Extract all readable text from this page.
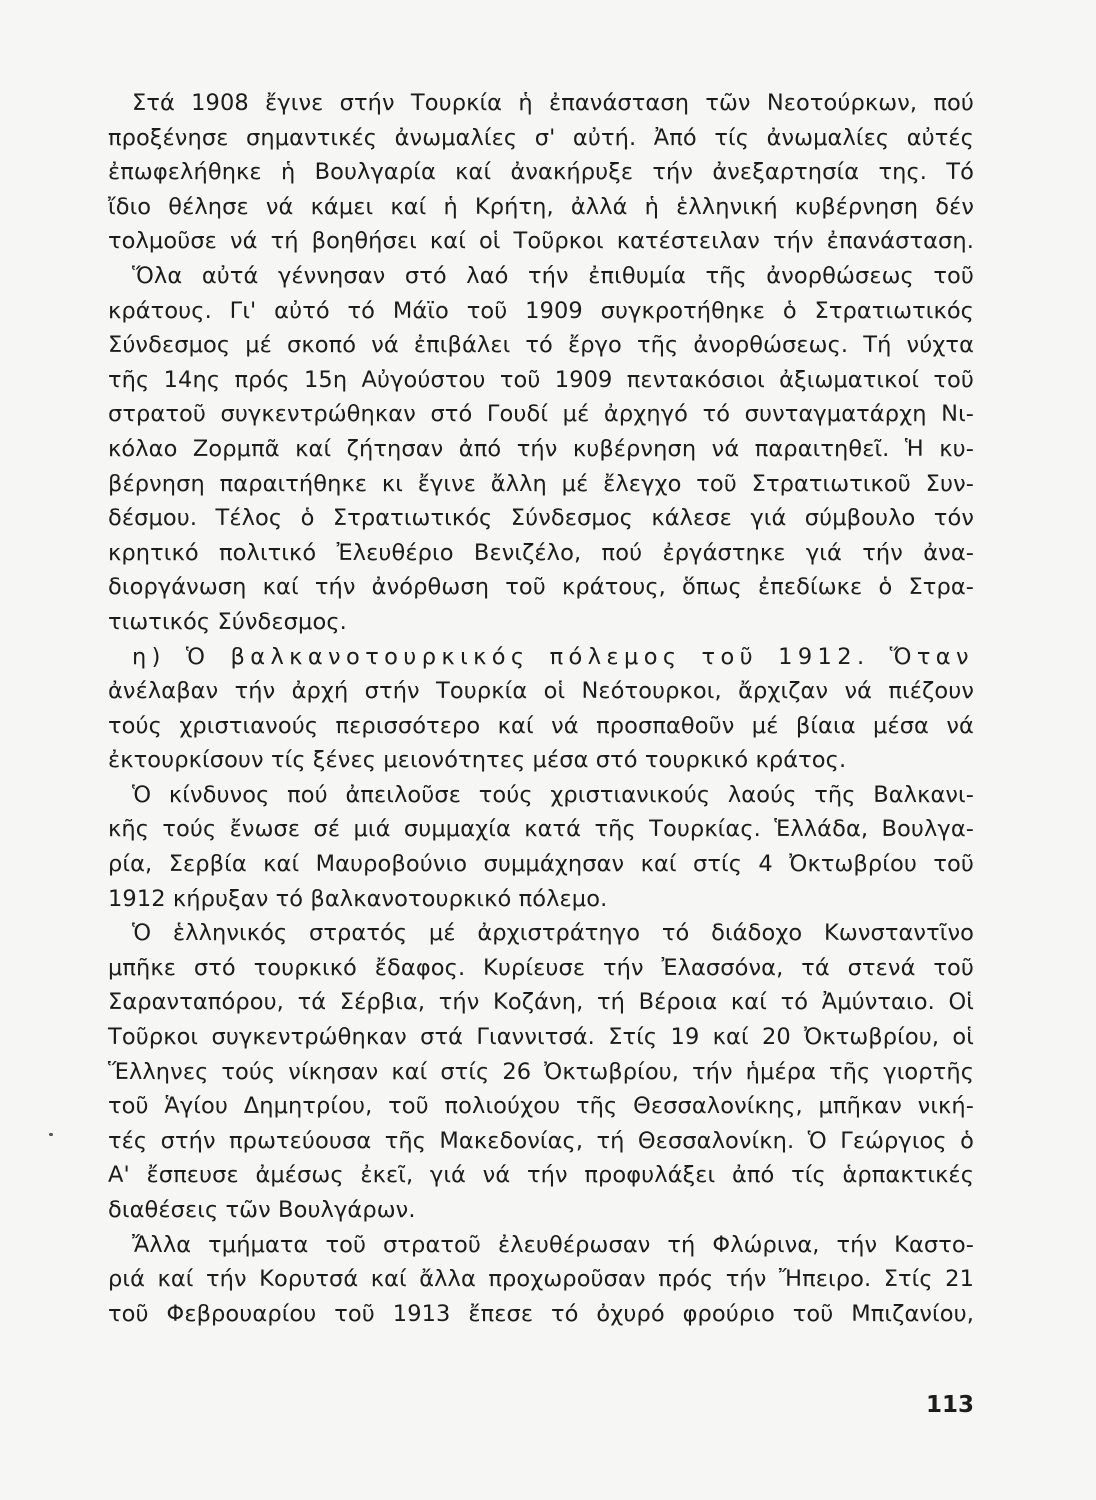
Στά 1908 ἔγινε στήν Τουρκία ἡ ἐπανάσταση τῶν Νεοτούρκων, πού
προξένησε σημαντικές ἀνωμαλίες σ' αὐτή. Ἀπό τίς ἀνωμαλίες αὐτές
ἐπωφελήθηκε ἡ Βουλγαρία καί ἀνακήρυξε τήν ἀνεξαρτησία της. Τό
ἴδιο θέλησε νά κάμει καί ἡ Κρήτη, ἀλλά ἡ ἑλληνική κυβέρνηση δέν
τολμοῦσε νά τή βοηθήσει καί οἱ Τοῦρκοι κατέστειλαν τήν ἐπανάσταση.
Ὅλα αὐτά γέννησαν στό λαό τήν ἐπιθυμία τῆς ἀνορθώσεως τοῦ
κράτους. Γι' αὐτό τό Μάϊο τοῦ 1909 συγκροτήθηκε ὁ Στρατιωτικός
Σύνδεσμος μέ σκοπό νά ἐπιβάλει τό ἔργο τῆς ἀνορθώσεως. Τή νύχτα
τῆς 14ης πρός 15η Αὐγούστου τοῦ 1909 πεντακόσιοι ἀξιωματικοί τοῦ
στρατοῦ συγκεντρώθηκαν στό Γουδί μέ ἀρχηγό τό συνταγματάρχη Νι-
κόλαο Ζορμπᾶ καί ζήτησαν ἀπό τήν κυβέρνηση νά παραιτηθεῖ. Ἡ κυ-
βέρνηση παραιτήθηκε κι ἔγινε ἄλλη μέ ἔλεγχο τοῦ Στρατιωτικοῦ Συν-
δέσμου. Τέλος ὁ Στρατιωτικός Σύνδεσμος κάλεσε γιά σύμβουλο τόν
κρητικό πολιτικό Ἐλευθέριο Βενιζέλο, πού ἐργάστηκε γιά τήν ἀνα-
διοργάνωση καί τήν ἀνόρθωση τοῦ κράτους, ὅπως ἐπεδίωκε ὁ Στρα-
τιωτικός Σύνδεσμος.
η) Ὁ βαλκανοτουρκικός πόλεμος τοῦ 1912. Ὅταν
ἀνέλαβαν τήν ἀρχή στήν Τουρκία οἱ Νεότουρκοι, ἄρχιζαν νά πιέζουν
τούς χριστιανούς περισσότερο καί νά προσπαθοῦν μέ βίαια μέσα νά
ἐκτουρκίσουν τίς ξένες μειονότητες μέσα στό τουρκικό κράτος.
Ὁ κίνδυνος πού ἀπειλοῦσε τούς χριστιανικούς λαούς τῆς Βαλκανι-
κῆς τούς ἔνωσε σέ μιά συμμαχία κατά τῆς Τουρκίας. Ἑλλάδα, Βουλγα-
ρία, Σερβία καί Μαυροβούνιο συμμάχησαν καί στίς 4 Ὀκτωβρίου τοῦ
1912 κήρυξαν τό βαλκανοτουρκικό πόλεμο.
Ὁ ἑλληνικός στρατός μέ ἀρχιστράτηγο τό διάδοχο Κωνσταντῖνο
μπῆκε στό τουρκικό ἔδαφος. Κυρίευσε τήν Ἐλασσόνα, τά στενά τοῦ
Σαρανταπόρου, τά Σέρβια, τήν Κοζάνη, τή Βέροια καί τό Ἀμύνταιο. Οἱ
Τοῦρκοι συγκεντρώθηκαν στά Γιαννιτσά. Στίς 19 καί 20 Ὀκτωβρίου, οἱ
Ἕλληνες τούς νίκησαν καί στίς 26 Ὀκτωβρίου, τήν ἡμέρα τῆς γιορτῆς
τοῦ Ἁγίου Δημητρίου, τοῦ πολιούχου τῆς Θεσσαλονίκης, μπῆκαν νική-
τές στήν πρωτεύουσα τῆς Μακεδονίας, τή Θεσσαλονίκη. Ὁ Γεώργιος ὁ
Α' ἔσπευσε ἀμέσως ἐκεῖ, γιά νά τήν προφυλάξει ἀπό τίς ἁρπακτικές
διαθέσεις τῶν Βουλγάρων.
Ἄλλα τμήματα τοῦ στρατοῦ ἐλευθέρωσαν τή Φλώρινα, τήν Καστο-
ριά καί τήν Κορυτσά καί ἄλλα προχωροῦσαν πρός τήν Ἤπειρο. Στίς 21
τοῦ Φεβρουαρίου τοῦ 1913 ἔπεσε τό ὀχυρό φρούριο τοῦ Μπιζανίου,
113
